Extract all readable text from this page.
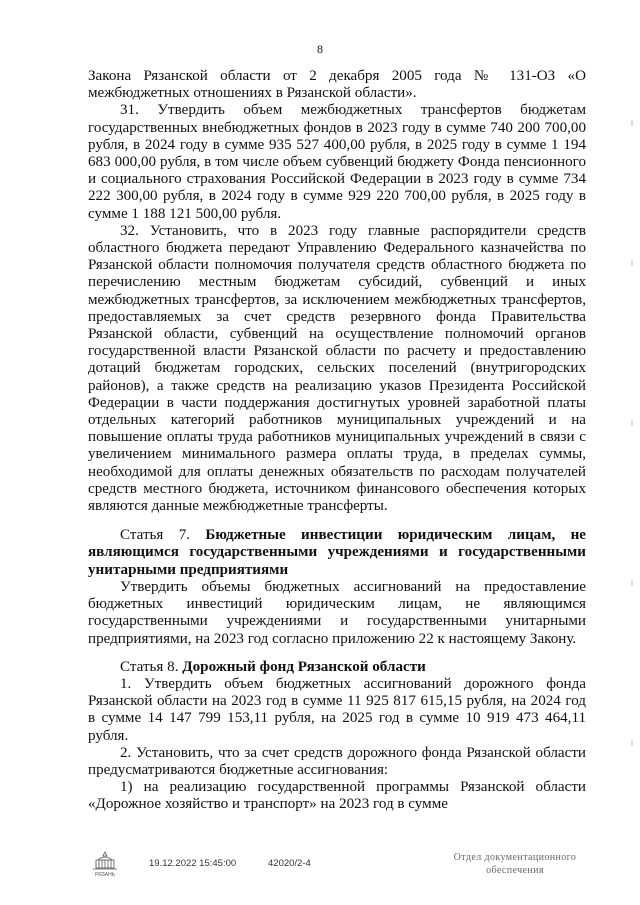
8

Закона Рязанской области от 2 декабря 2005 года № 131-ОЗ «О межбюджетных отношениях в Рязанской области».

31. Утвердить объем межбюджетных трансфертов бюджетам государственных внебюджетных фондов в 2023 году в сумме 740 200 700,00 рубля, в 2024 году в сумме 935 527 400,00 рубля, в 2025 году в сумме 1 194 683 000,00 рубля, в том числе объем субвенций бюджету Фонда пенсионного и социального страхования Российской Федерации в 2023 году в сумме 734 222 300,00 рубля, в 2024 году в сумме 929 220 700,00 рубля, в 2025 году в сумме 1 188 121 500,00 рубля.

32. Установить, что в 2023 году главные распорядители средств областного бюджета передают Управлению Федерального казначейства по Рязанской области полномочия получателя средств областного бюджета по перечислению местным бюджетам субсидий, субвенций и иных межбюджетных трансфертов, за исключением межбюджетных трансфертов, предоставляемых за счет средств резервного фонда Правительства Рязанской области, субвенций на осуществление полномочий органов государственной власти Рязанской области по расчету и предоставлению дотаций бюджетам городских, сельских поселений (внутригородских районов), а также средств на реализацию указов Президента Российской Федерации в части поддержания достигнутых уровней заработной платы отдельных категорий работников муниципальных учреждений и на повышение оплаты труда работников муниципальных учреждений в связи с увеличением минимального размера оплаты труда, в пределах суммы, необходимой для оплаты денежных обязательств по расходам получателей средств местного бюджета, источником финансового обеспечения которых являются данные межбюджетные трансферты.

Статья 7. Бюджетные инвестиции юридическим лицам, не являющимся государственными учреждениями и государственными унитарными предприятиями

Утвердить объемы бюджетных ассигнований на предоставление бюджетных инвестиций юридическим лицам, не являющимся государственными учреждениями и государственными унитарными предприятиями, на 2023 год согласно приложению 22 к настоящему Закону.

Статья 8. Дорожный фонд Рязанской области

1. Утвердить объем бюджетных ассигнований дорожного фонда Рязанской области на 2023 год в сумме 11 925 817 615,15 рубля, на 2024 год в сумме 14 147 799 153,11 рубля, на 2025 год в сумме 10 919 473 464,11 рубля.

2. Установить, что за счет средств дорожного фонда Рязанской области предусматриваются бюджетные ассигнования:

1) на реализацию государственной программы Рязанской области «Дорожное хозяйство и транспорт» на 2023 год в сумме

РЯЗАНЬ
19.12.2022 15:45:00	42020/2-4
Отдел документационного
обеспечения
